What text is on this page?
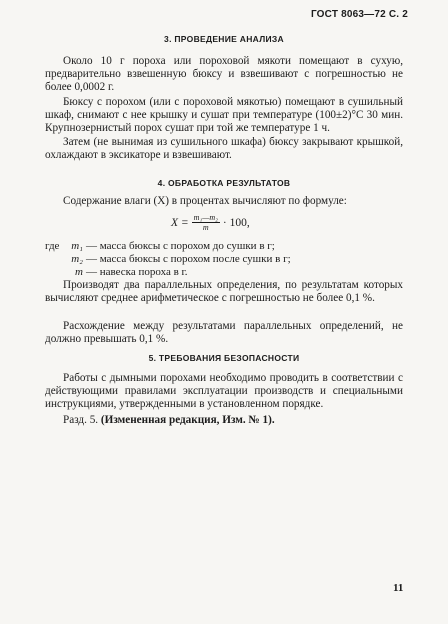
ГОСТ 8063—72 С. 2
3. ПРОВЕДЕНИЕ АНАЛИЗА

Около 10 г пороха или пороховой мякоти помещают в сухую, предварительно взвешенную бюксу и взвешивают с погрешностью не более 0,0002 г.

Бюксу с порохом (или с пороховой мякотью) помещают в сушильный шкаф, снимают с нее крышку и сушат при температуре (100±2)°С 30 мин. Крупнозернистый порох сушат при той же температуре 1 ч.

Затем (не вынимая из сушильного шкафа) бюксу закрывают крышкой, охлаждают в эксикаторе и взвешивают.

4. ОБРАБОТКА РЕЗУЛЬТАТОВ

Содержание влаги (X) в процентах вычисляют по формуле:

$X = \frac{\text{m₁—m₂}}{m} \cdot 100$,
где	m₁ — масса бюксы с порохом до сушки в г;
m₂ — масса бюксы с порохом после сушки в г;
m — навеска пороха в г.

Производят два параллельных определения, по результатам которых вычисляют среднее арифметическое с погрешностью не более 0,1 %.

Расхождение между результатами параллельных определений, не должно превышать 0,1 %.

5. ТРЕБОВАНИЯ БЕЗОПАСНОСТИ

Работы с дымными порохами необходимо проводить в соответствии с действующими правилами эксплуатации производств и специальными инструкциями, утвержденными в установленном порядке.

Разд. 5. (Измененная редакция, Изм. № 1).

11
